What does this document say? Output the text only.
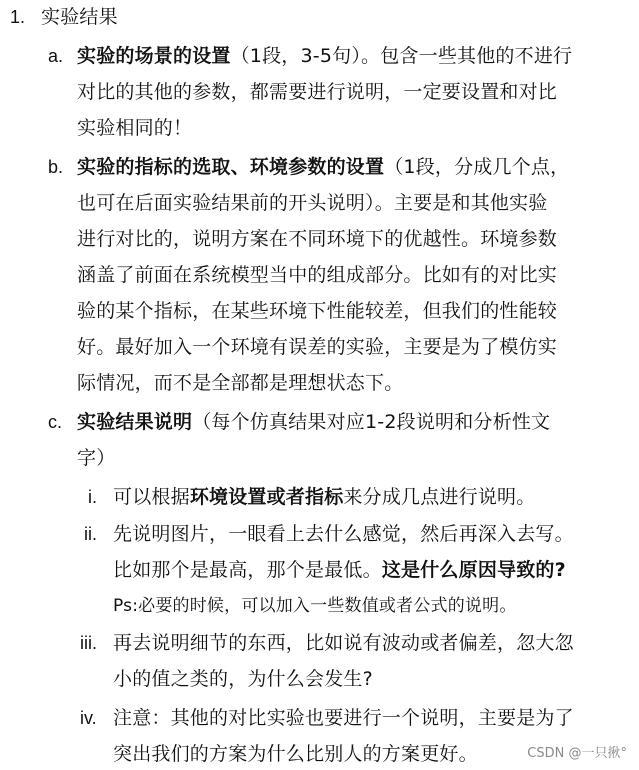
1. 实验结果
a. 实验的场景的设置（1段，3-5句）。包含一些其他的不进行
对比的其他的参数，都需要进行说明，一定要设置和对比
实验相同的！
b. 实验的指标的选取、环境参数的设置（1段，分成几个点，
也可在后面实验结果前的开头说明）。主要是和其他实验
进行对比的，说明方案在不同环境下的优越性。环境参数
涵盖了前面在系统模型当中的组成部分。比如有的对比实
验的某个指标，在某些环境下性能较差，但我们的性能较
好。最好加入一个环境有误差的实验，主要是为了模仿实
际情况，而不是全部都是理想状态下。
c. 实验结果说明（每个仿真结果对应1-2段说明和分析性文
字）
i. 可以根据环境设置或者指标来分成几点进行说明。
ii. 先说明图片，一眼看上去什么感觉，然后再深入去写。
比如那个是最高，那个是最低。这是什么原因导致的?
Ps:必要的时候，可以加入一些数值或者公式的说明。
iii. 再去说明细节的东西，比如说有波动或者偏差，忽大忽
小的值之类的，为什么会发生?
iv. 注意：其他的对比实验也要进行一个说明，主要是为了
突出我们的方案为什么比别人的方案更好。	CSDN @一只揪°
